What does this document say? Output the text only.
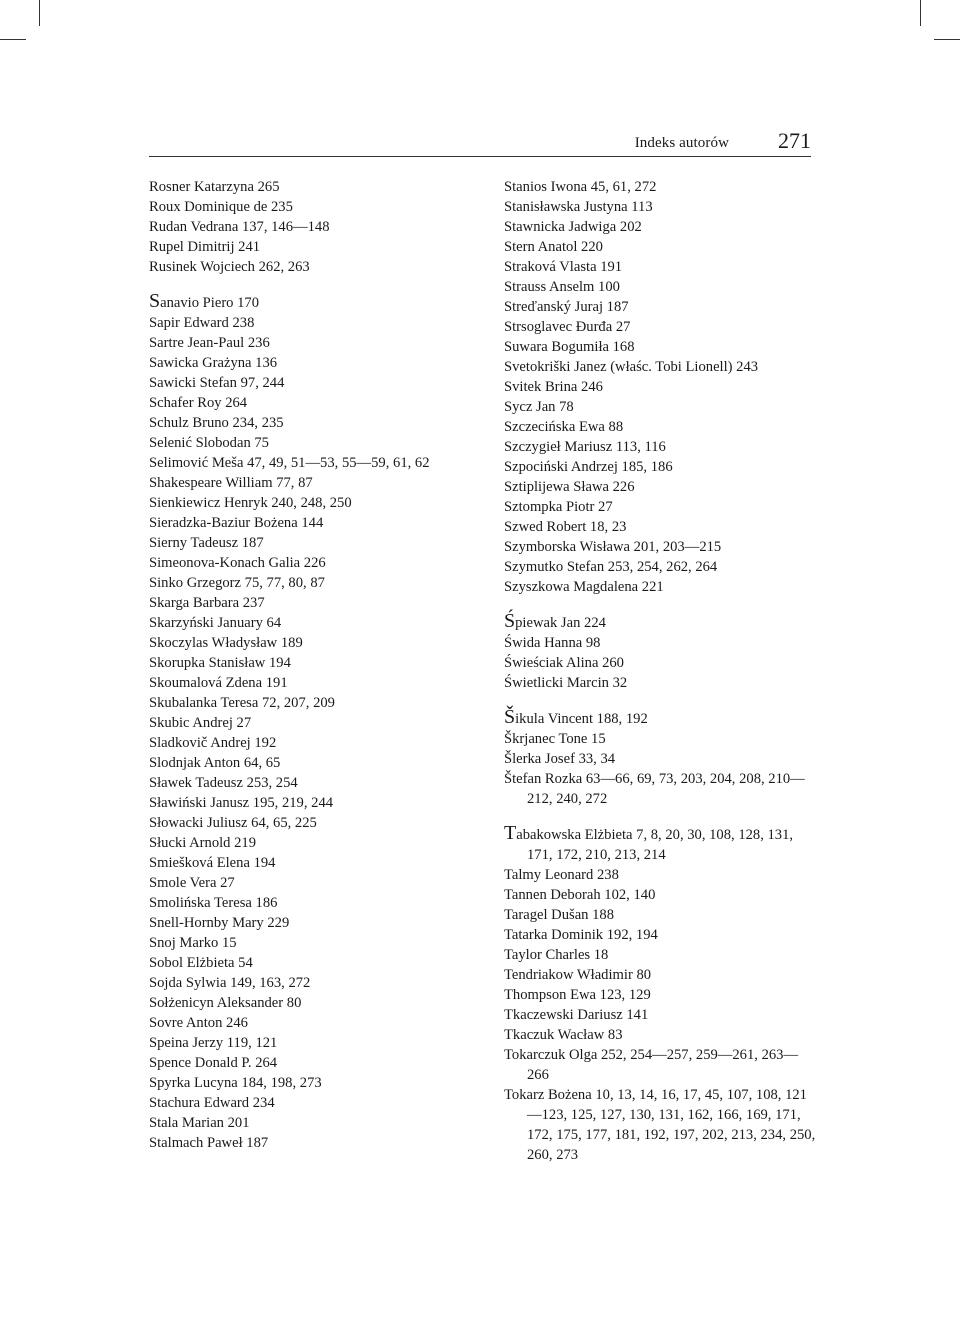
Indeks autorów 271

Rosner Katarzyna 265

Roux Dominique de 235

Rudan Vedrana 137, 146—148

Rupel Dimitrij 241

Rusinek Wojciech 262, 263

Sanavio Piero 170

Sapir Edward 238

Sartre Jean-Paul 236

Sawicka Grażyna 136

Sawicki Stefan 97, 244

Schafer Roy 264

Schulz Bruno 234, 235

Selenić Slobodan 75

Selimović Meša 47, 49, 51—53, 55—59, 61, 62

Shakespeare William 77, 87

Sienkiewicz Henryk 240, 248, 250

Sieradzka-Baziur Bożena 144

Sierny Tadeusz 187

Simeonova-Konach Galia 226

Sinko Grzegorz 75, 77, 80, 87

Skarga Barbara 237

Skarzyński January 64

Skoczylas Władysław 189

Skorupka Stanisław 194

Skoumalová Zdena 191

Skubalanka Teresa 72, 207, 209

Skubic Andrej 27

Sladkovič Andrej 192

Slodnjak Anton 64, 65

Sławek Tadeusz 253, 254

Sławiński Janusz 195, 219, 244

Słowacki Juliusz 64, 65, 225

Słucki Arnold 219

Smiešková Elena 194

Smole Vera 27

Smolińska Teresa 186

Snell-Hornby Mary 229

Snoj Marko 15

Sobol Elżbieta 54

Sojda Sylwia 149, 163, 272

Sołżenicyn Aleksander 80

Sovre Anton 246

Speina Jerzy 119, 121

Spence Donald P. 264

Spyrka Lucyna 184, 198, 273

Stachura Edward 234

Stala Marian 201

Stalmach Paweł 187

Stanios Iwona 45, 61, 272

Stanisławska Justyna 113

Stawnicka Jadwiga 202

Stern Anatol 220

Straková Vlasta 191

Strauss Anselm 100

Streďanský Juraj 187

Strsoglavec Đurđa 27

Suwara Bogumiła 168

Svetokriški Janez (właśc. Tobi Lionell) 243

Svitek Brina 246

Sycz Jan 78

Szczecińska Ewa 88

Szczygieł Mariusz 113, 116

Szpociński Andrzej 185, 186

Sztiplijewa Sława 226

Sztompka Piotr 27

Szwed Robert 18, 23

Szymborska Wisława 201, 203—215

Szymutko Stefan 253, 254, 262, 264

Szyszkowa Magdalena 221

Śpiewak Jan 224

Świda Hanna 98

Świeściak Alina 260

Świetlicki Marcin 32

Šikula Vincent 188, 192

Škrjanec Tone 15

Šlerka Josef 33, 34

Štefan Rozka 63—66, 69, 73, 203, 204, 208, 210—212, 240, 272

Tabakowska Elżbieta 7, 8, 20, 30, 108, 128, 131, 171, 172, 210, 213, 214

Talmy Leonard 238

Tannen Deborah 102, 140

Taragel Dušan 188

Tatarka Dominik 192, 194

Taylor Charles 18

Tendriakow Władimir 80

Thompson Ewa 123, 129

Tkaczewski Dariusz 141

Tkaczuk Wacław 83

Tokarczuk Olga 252, 254—257, 259—261, 263—266

Tokarz Bożena 10, 13, 14, 16, 17, 45, 107, 108, 121—123, 125, 127, 130, 131, 162, 166, 169, 171, 172, 175, 177, 181, 192, 197, 202, 213, 234, 250, 260, 273
